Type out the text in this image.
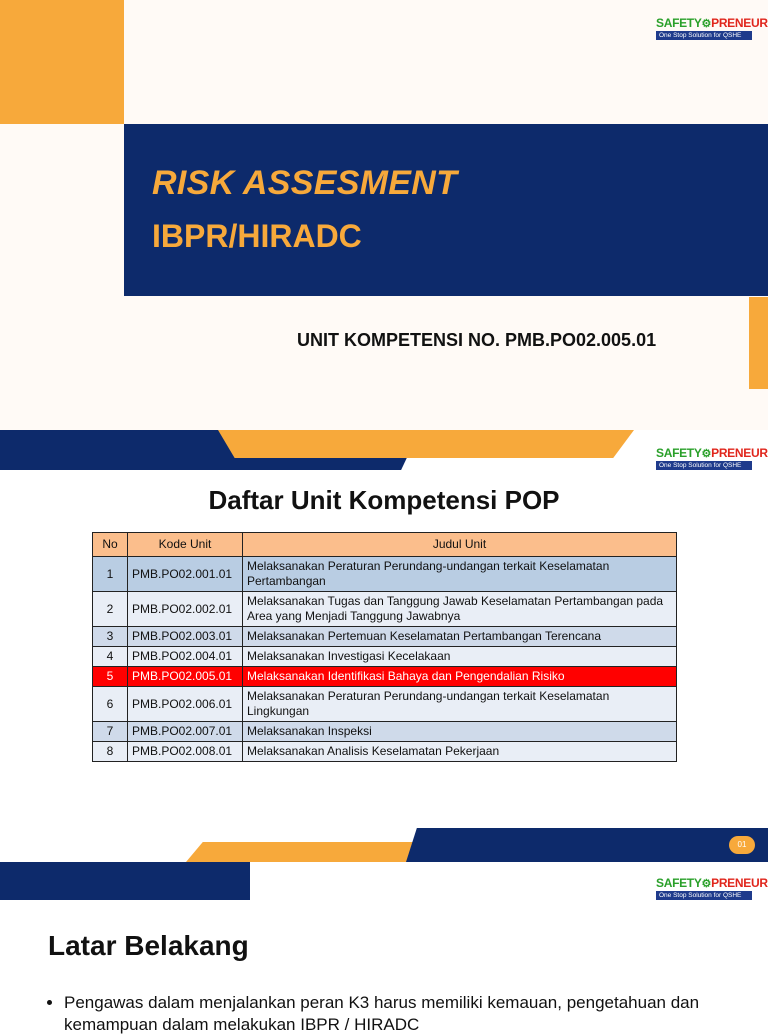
SAFETY⚙PRENEUR
One Stop Solution for QSHE
RISK ASSESMENT
IBPR/HIRADC
UNIT KOMPETENSI NO. PMB.PO02.005.01
SAFETY⚙PRENEUR
One Stop Solution for QSHE
Daftar Unit Kompetensi POP
No	Kode Unit	Judul Unit
1	PMB.PO02.001.01	Melaksanakan Peraturan Perundang-undangan terkait Keselamatan Pertambangan
2	PMB.PO02.002.01	Melaksanakan Tugas dan Tanggung Jawab Keselamatan Pertambangan pada Area yang Menjadi Tanggung Jawabnya
3	PMB.PO02.003.01	Melaksanakan Pertemuan Keselamatan Pertambangan Terencana
4	PMB.PO02.004.01	Melaksanakan Investigasi Kecelakaan
5	PMB.PO02.005.01	Melaksanakan Identifikasi Bahaya dan Pengendalian Risiko
6	PMB.PO02.006.01	Melaksanakan Peraturan Perundang-undangan terkait Keselamatan Lingkungan
7	PMB.PO02.007.01	Melaksanakan Inspeksi
8	PMB.PO02.008.01	Melaksanakan Analisis Keselamatan Pekerjaan
01
SAFETY⚙PRENEUR
One Stop Solution for QSHE
Latar Belakang
• Pengawas dalam menjalankan peran K3 harus memiliki kemauan, pengetahuan dan kemampuan dalam melakukan IBPR / HIRADC
